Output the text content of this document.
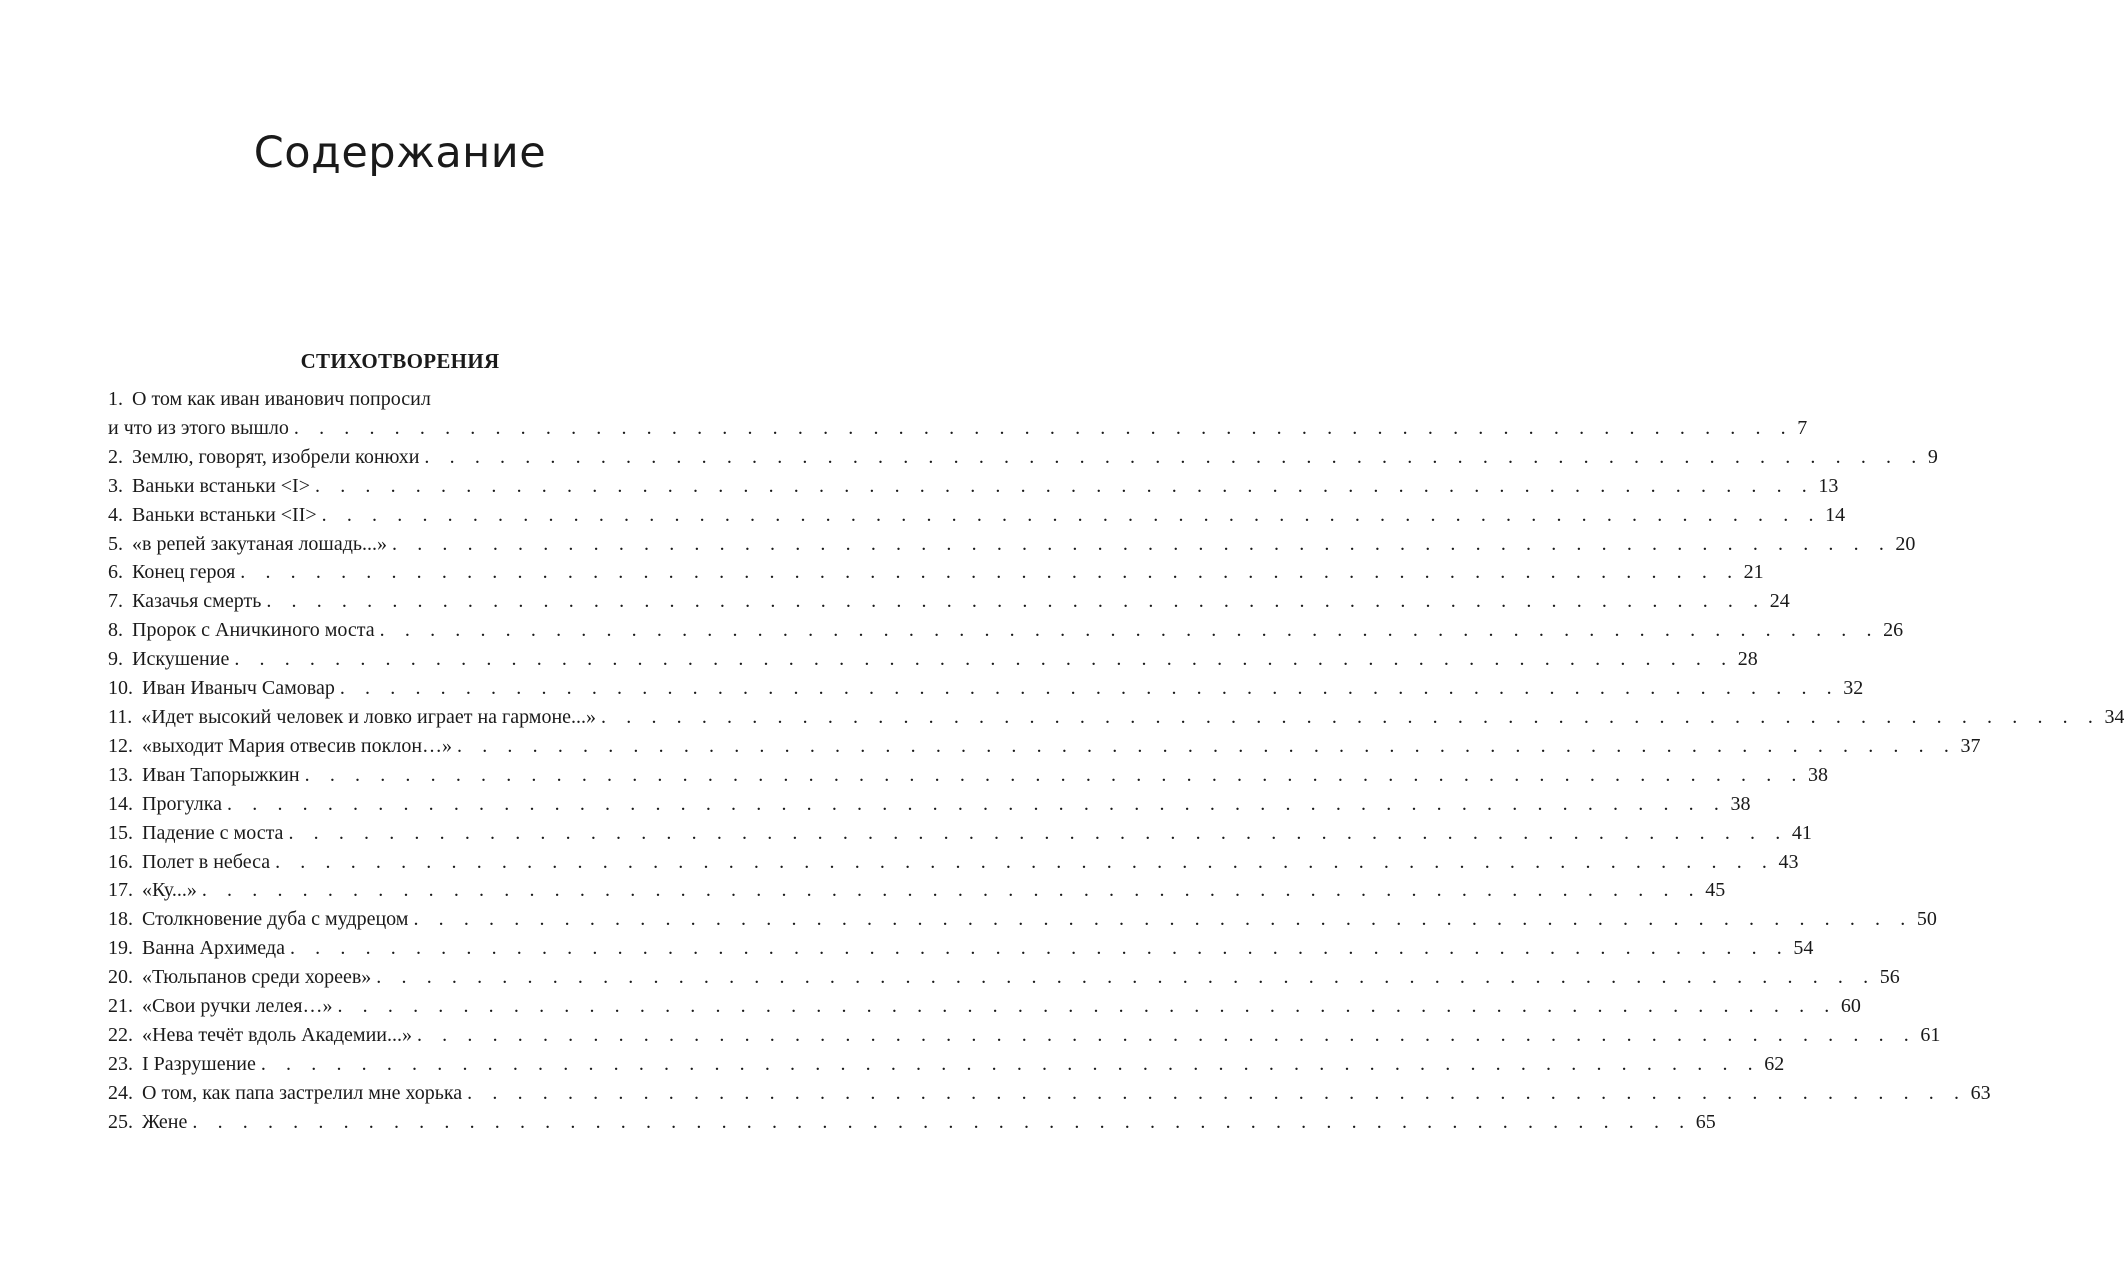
Содержание
СТИХОТВОРЕНИЯ
1. О том как иван иванович попросил
и что из этого вышло . . . . . . . . . . . . . . . . . . . . . . . . . . . . . . . . . . . . . . . . . . . . . . . . . . . . . . . . . . . . 7
2. Землю, говорят, изобрели конюхи . . . . . . . . . . . . . . . . . . . . . . . . . . . . . . . . . . . . . . . . . . . . . . . . . . . . . . . . . . . . 9
3. Ваньки встаньки <I> . . . . . . . . . . . . . . . . . . . . . . . . . . . . . . . . . . . . . . . . . . . . . . . . . . . . . . . . . . . . 13
4. Ваньки встаньки <II> . . . . . . . . . . . . . . . . . . . . . . . . . . . . . . . . . . . . . . . . . . . . . . . . . . . . . . . . . . . . 14
5. «в репей закутаная лошадь...» . . . . . . . . . . . . . . . . . . . . . . . . . . . . . . . . . . . . . . . . . . . . . . . . . . . . . . . . . . . . 20
6. Конец героя . . . . . . . . . . . . . . . . . . . . . . . . . . . . . . . . . . . . . . . . . . . . . . . . . . . . . . . . . . . . 21
7. Казачья смерть . . . . . . . . . . . . . . . . . . . . . . . . . . . . . . . . . . . . . . . . . . . . . . . . . . . . . . . . . . . . 24
8. Пророк с Аничкиного моста . . . . . . . . . . . . . . . . . . . . . . . . . . . . . . . . . . . . . . . . . . . . . . . . . . . . . . . . . . . . 26
9. Искушение . . . . . . . . . . . . . . . . . . . . . . . . . . . . . . . . . . . . . . . . . . . . . . . . . . . . . . . . . . . . 28
10. Иван Иваныч Самовар . . . . . . . . . . . . . . . . . . . . . . . . . . . . . . . . . . . . . . . . . . . . . . . . . . . . . . . . . . . . 32
11. «Идет высокий человек и ловко играет на гармоне...» . . . . . . . . . . . . . . . . . . . . . . . . . . . . . . . . . . . . . . . . . . . . . . . . . . . . . . . . . . . . 34
12. «выходит Мария отвесив поклон…» . . . . . . . . . . . . . . . . . . . . . . . . . . . . . . . . . . . . . . . . . . . . . . . . . . . . . . . . . . . . 37
13. Иван Тапорыжкин . . . . . . . . . . . . . . . . . . . . . . . . . . . . . . . . . . . . . . . . . . . . . . . . . . . . . . . . . . . . 38
14. Прогулка . . . . . . . . . . . . . . . . . . . . . . . . . . . . . . . . . . . . . . . . . . . . . . . . . . . . . . . . . . . . 38
15. Падение с моста . . . . . . . . . . . . . . . . . . . . . . . . . . . . . . . . . . . . . . . . . . . . . . . . . . . . . . . . . . . . 41
16. Полет в небеса . . . . . . . . . . . . . . . . . . . . . . . . . . . . . . . . . . . . . . . . . . . . . . . . . . . . . . . . . . . . 43
17. «Ку...» . . . . . . . . . . . . . . . . . . . . . . . . . . . . . . . . . . . . . . . . . . . . . . . . . . . . . . . . . . . . 45
18. Столкновение дуба с мудрецом . . . . . . . . . . . . . . . . . . . . . . . . . . . . . . . . . . . . . . . . . . . . . . . . . . . . . . . . . . . . 50
19. Ванна Архимеда . . . . . . . . . . . . . . . . . . . . . . . . . . . . . . . . . . . . . . . . . . . . . . . . . . . . . . . . . . . . 54
20. «Тюльпанов среди хореев» . . . . . . . . . . . . . . . . . . . . . . . . . . . . . . . . . . . . . . . . . . . . . . . . . . . . . . . . . . . . 56
21. «Свои ручки лелея…» . . . . . . . . . . . . . . . . . . . . . . . . . . . . . . . . . . . . . . . . . . . . . . . . . . . . . . . . . . . . 60
22. «Нева течёт вдоль Академии...» . . . . . . . . . . . . . . . . . . . . . . . . . . . . . . . . . . . . . . . . . . . . . . . . . . . . . . . . . . . . 61
23. I Разрушение . . . . . . . . . . . . . . . . . . . . . . . . . . . . . . . . . . . . . . . . . . . . . . . . . . . . . . . . . . . . 62
24. О том, как папа застрелил мне хорька . . . . . . . . . . . . . . . . . . . . . . . . . . . . . . . . . . . . . . . . . . . . . . . . . . . . . . . . . . . . 63
25. Жене . . . . . . . . . . . . . . . . . . . . . . . . . . . . . . . . . . . . . . . . . . . . . . . . . . . . . . . . . . . . 65
